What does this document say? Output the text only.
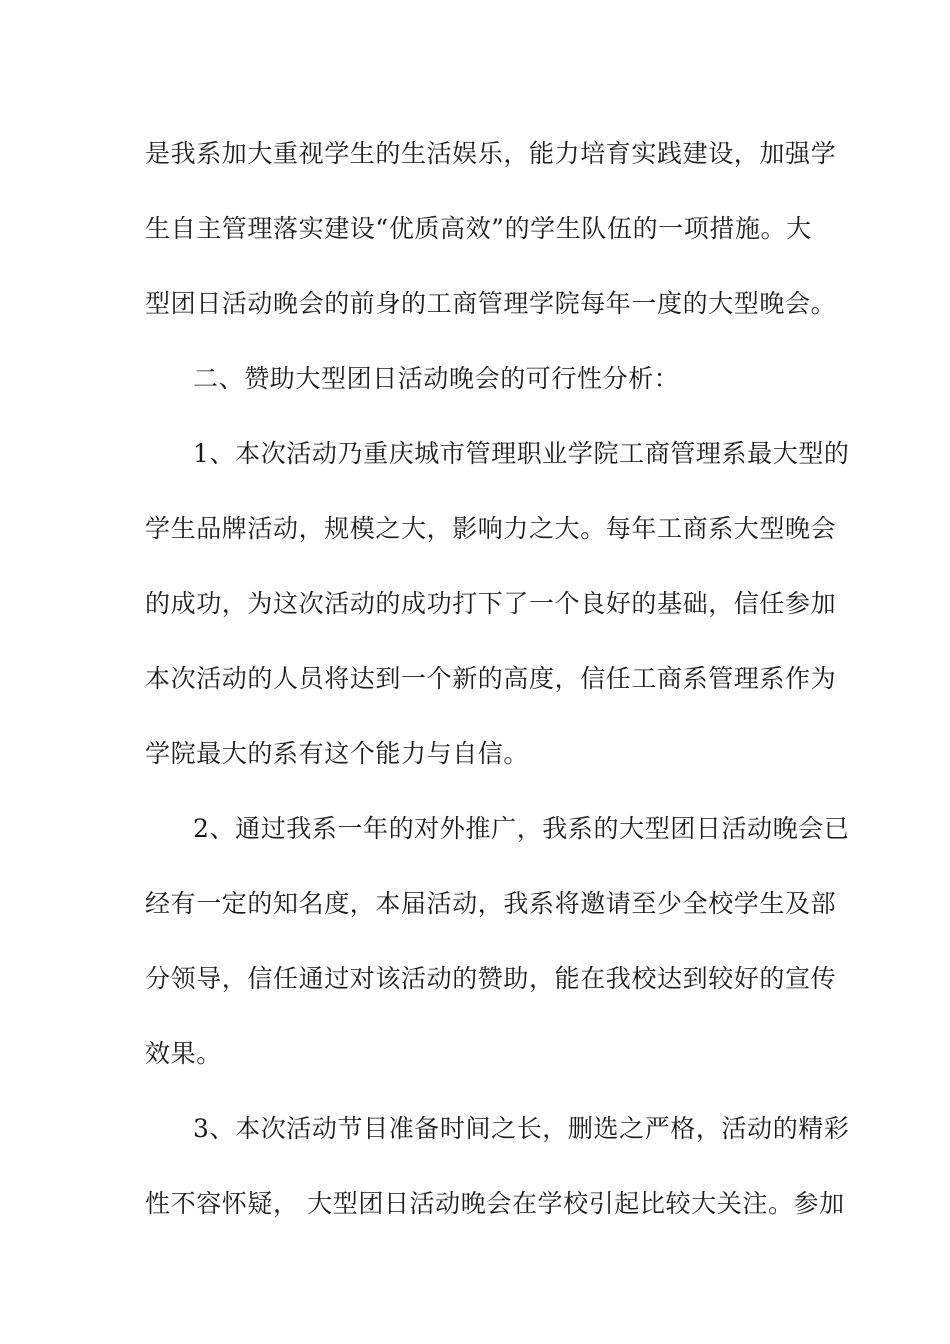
是我系加大重视学生的生活娱乐，能力培育实践建设，加强学
生自主管理落实建设“优质高效”的学生队伍的一项措施。大
型团日活动晚会的前身的工商管理学院每年一度的大型晚会。
二、赞助大型团日活动晚会的可行性分析：
1、本次活动乃重庆城市管理职业学院工商管理系最大型的
学生品牌活动，规模之大，影响力之大。每年工商系大型晚会
的成功，为这次活动的成功打下了一个良好的基础，信任参加
本次活动的人员将达到一个新的高度，信任工商系管理系作为
学院最大的系有这个能力与自信。
2、通过我系一年的对外推广，我系的大型团日活动晚会已
经有一定的知名度，本届活动，我系将邀请至少全校学生及部
分领导，信任通过对该活动的赞助，能在我校达到较好的宣传
效果。
3、本次活动节目准备时间之长，删选之严格，活动的精彩
性不容怀疑， 大型团日活动晚会在学校引起比较大关注。参加
